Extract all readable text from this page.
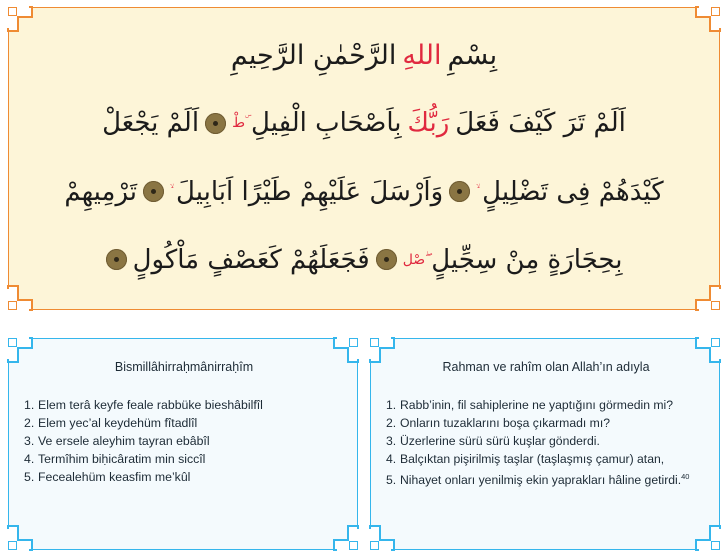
بِسْمِ
اللهِ
الرَّحْمٰنِ الرَّحِيمِ
اَلَمْ تَرَ كَيْفَ فَعَلَ
رَبُّكَ
بِاَصْحَابِ الْفِيلِ
ۜطْ
اَلَمْ يَجْعَلْ
كَيْدَهُمْ فِى تَضْلِيلٍ
وَاَرْسَلَ عَلَيْهِمْ طَيْرًا اَبَابِيلَ
تَرْمِيهِمْ
بِحِجَارَةٍ مِنْ سِجِّيلٍ
ۖصْل
فَجَعَلَهُمْ كَعَصْفٍ مَاْكُولٍ

Bismillâhirraḥmânirraḥîm

1. Elem terâ keyfe feale rabbüke bieshâbilfîl
2. Elem yec’al keydehüm fîtadlîl
3. Ve ersele aleyhim tayran ebâbîl
4. Termîhim biḥicâratim min siccîl
5. Fecealehüm keasfim me’kûl

Rahman ve rahîm olan Allah’ın adıyla

1. Rabb’inin, fil sahiplerine ne yaptığını görmedin mi?
2. Onların tuzaklarını boşa çıkarmadı mı?
3. Üzerlerine sürü sürü kuşlar gönderdi.
4. Balçıktan pişirilmiş taşlar (taşlaşmış çamur) atan,
5. Nihayet onları yenilmiş ekin yaprakları hâline getirdi.$^{40}$
